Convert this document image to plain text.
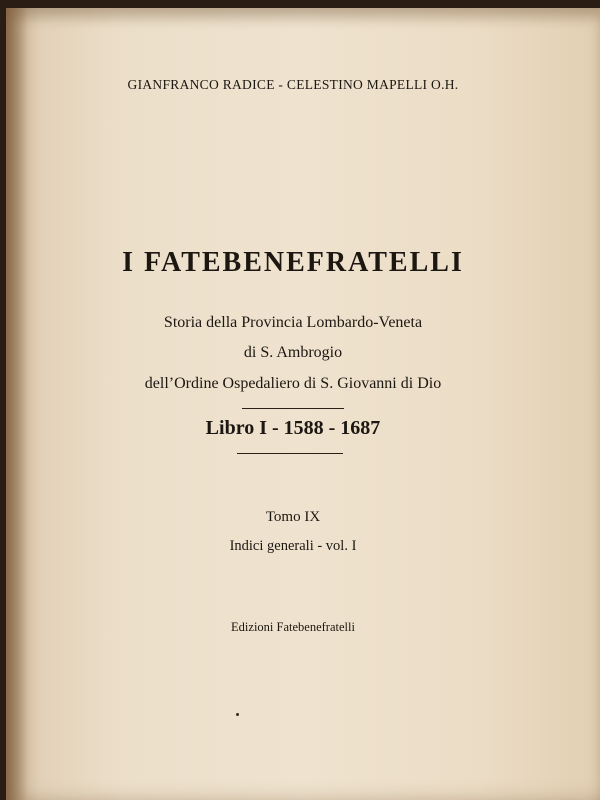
GIANFRANCO RADICE - CELESTINO MAPELLI O.H.
I FATEBENEFRATELLI
Storia della Provincia Lombardo-Veneta
di S. Ambrogio
dell’Ordine Ospedaliero di S. Giovanni di Dio
Libro I - 1588 - 1687
Tomo IX
Indici generali - vol. I
Edizioni Fatebenefratelli
